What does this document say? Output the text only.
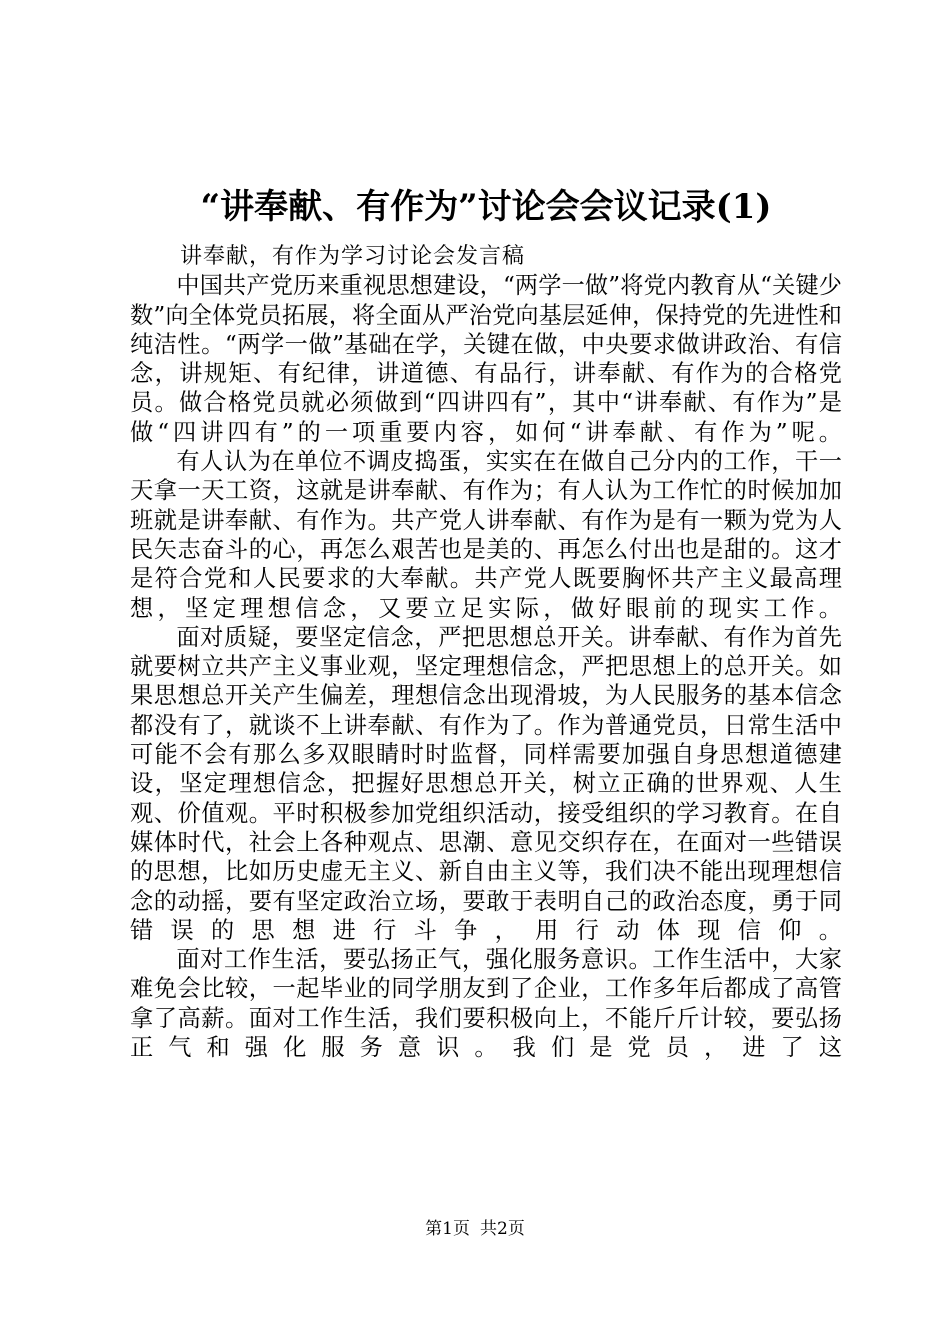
“讲奉献、有作为”讨论会会议记录(1)

讲奉献，有作为学习讨论会发言稿

中国共产党历来重视思想建设，“两学一做”将党内教育从“关键少数”向全体党员拓展，将全面从严治党向基层延伸，保持党的先进性和纯洁性。“两学一做”基础在学，关键在做，中央要求做讲政治、有信念，讲规矩、有纪律，讲道德、有品行，讲奉献、有作为的合格党员。做合格党员就必须做到“四讲四有”，其中“讲奉献、有作为”是做“四讲四有”的一项重要内容，如何“讲奉献、有作为”呢。

有人认为在单位不调皮捣蛋，实实在在做自己分内的工作，干一天拿一天工资，这就是讲奉献、有作为；有人认为工作忙的时候加加班就是讲奉献、有作为。共产党人讲奉献、有作为是有一颗为党为人民矢志奋斗的心，再怎么艰苦也是美的、再怎么付出也是甜的。这才是符合党和人民要求的大奉献。共产党人既要胸怀共产主义最高理想，坚定理想信念，又要立足实际，做好眼前的现实工作。

面对质疑，要坚定信念，严把思想总开关。讲奉献、有作为首先就要树立共产主义事业观，坚定理想信念，严把思想上的总开关。如果思想总开关产生偏差，理想信念出现滑坡，为人民服务的基本信念都没有了，就谈不上讲奉献、有作为了。作为普通党员，日常生活中可能不会有那么多双眼睛时时监督，同样需要加强自身思想道德建设，坚定理想信念，把握好思想总开关，树立正确的世界观、人生观、价值观。平时积极参加党组织活动，接受组织的学习教育。在自媒体时代，社会上各种观点、思潮、意见交织存在，在面对一些错误的思想，比如历史虚无主义、新自由主义等，我们决不能出现理想信念的动摇，要有坚定政治立场，要敢于表明自己的政治态度，勇于同错误的思想进行斗争，用行动体现信仰。

面对工作生活，要弘扬正气，强化服务意识。工作生活中，大家难免会比较，一起毕业的同学朋友到了企业，工作多年后都成了高管拿了高薪。面对工作生活，我们要积极向上，不能斤斤计较，要弘扬正气和强化服务意识。我们是党员，进了这

第1页 共2页
